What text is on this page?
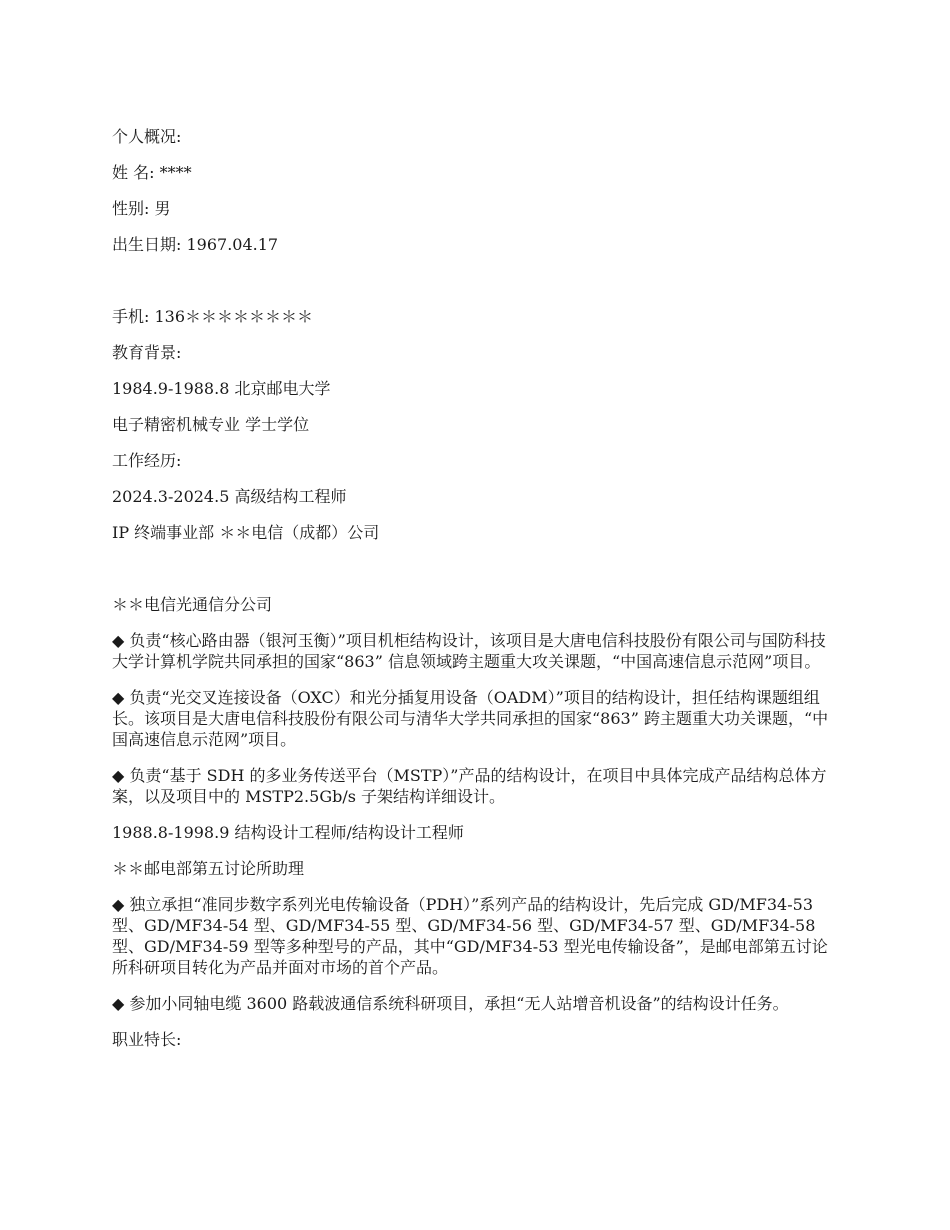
个人概况:
姓 名: ****
性别: 男
出生日期: 1967.04.17
手机: 136＊＊＊＊＊＊＊＊
教育背景:
1984.9-1988.8 北京邮电大学
电子精密机械专业 学士学位
工作经历:
2024.3-2024.5 高级结构工程师
IP 终端事业部 ＊＊电信（成都）公司
＊＊电信光通信分公司
◆ 负责“核心路由器（银河玉衡）”项目机柜结构设计，该项目是大唐电信科技股份有限公司与国防科技大学计算机学院共同承担的国家“863” 信息领域跨主题重大攻关课题，“中国高速信息示范网”项目。
◆ 负责“光交叉连接设备（OXC）和光分插复用设备（OADM）”项目的结构设计，担任结构课题组组长。该项目是大唐电信科技股份有限公司与清华大学共同承担的国家“863” 跨主题重大功关课题，“中国高速信息示范网”项目。
◆ 负责“基于 SDH 的多业务传送平台（MSTP）”产品的结构设计，在项目中具体完成产品结构总体方案，以及项目中的 MSTP2.5Gb/s 子架结构详细设计。
1988.8-1998.9 结构设计工程师/结构设计工程师
＊＊邮电部第五讨论所助理
◆ 独立承担“准同步数字系列光电传输设备（PDH）”系列产品的结构设计，先后完成 GD/MF34-53 型、GD/MF34-54 型、GD/MF34-55 型、GD/MF34-56 型、GD/MF34-57 型、GD/MF34-58 型、GD/MF34-59 型等多种型号的产品，其中“GD/MF34-53 型光电传输设备”，是邮电部第五讨论所科研项目转化为产品并面对市场的首个产品。
◆ 参加小同轴电缆 3600 路载波通信系统科研项目，承担“无人站增音机设备”的结构设计任务。
职业特长:
